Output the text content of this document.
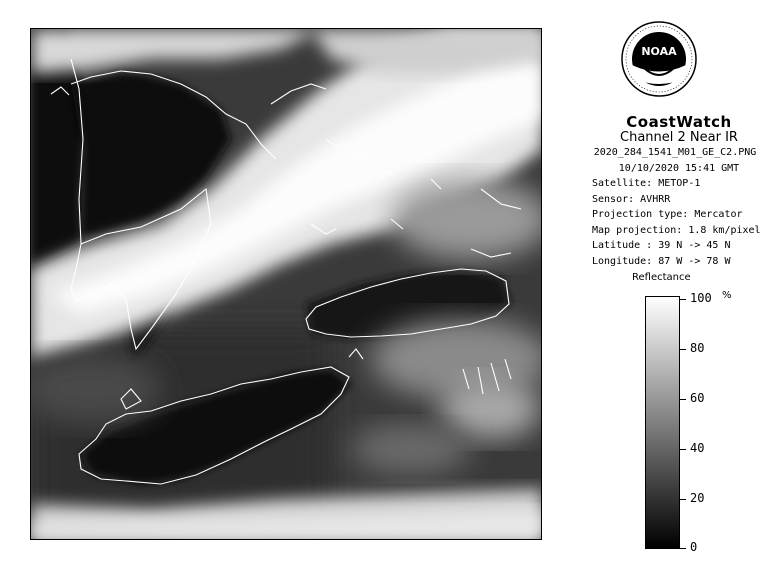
NOAA
CoastWatch
Channel 2 Near IR
2020_284_1541_M01_GE_C2.PNG
10/10/2020 15:41 GMT
Satellite: METOP-1
Sensor: AVHRR
Projection type: Mercator
Map projection: 1.8 km/pixel
Latitude : 39 N -> 45 N
Longitude: 87 W -> 78 W
Reflectance
%
100
80
60
40
20
0
